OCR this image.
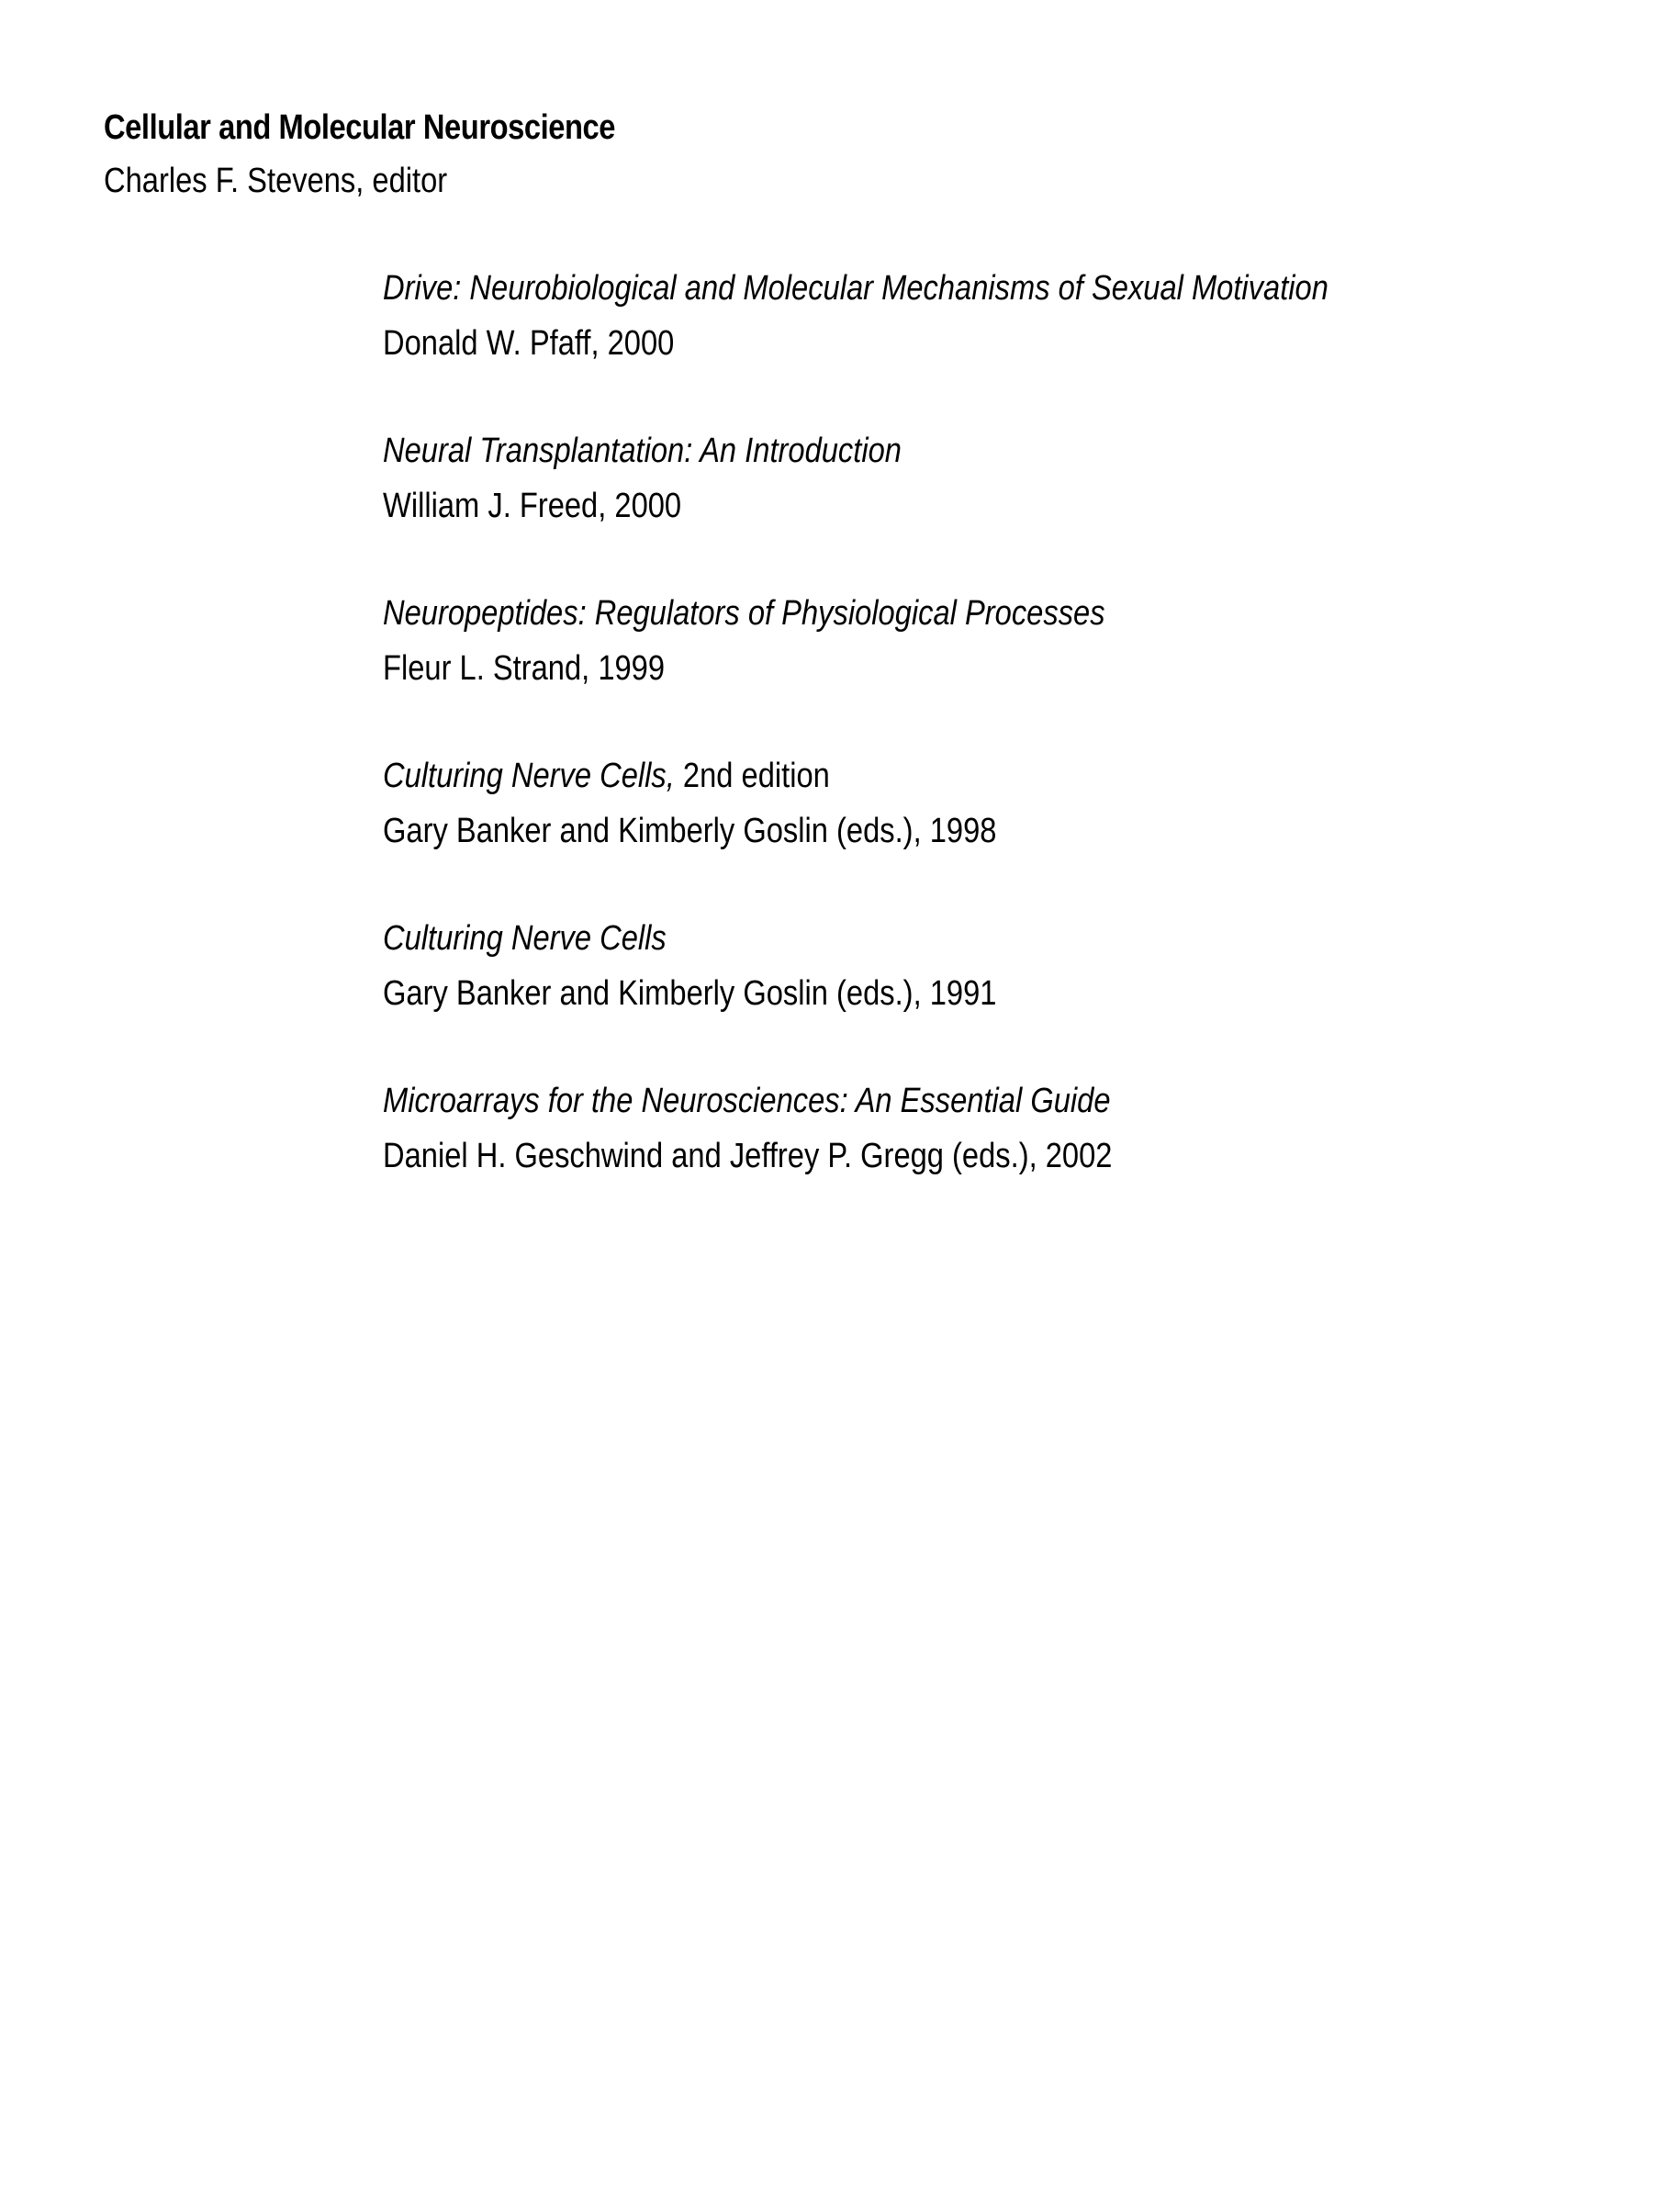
Cellular and Molecular Neuroscience
Charles F. Stevens, editor
Drive: Neurobiological and Molecular Mechanisms of Sexual Motivation
Donald W. Pfaff, 2000
Neural Transplantation: An Introduction
William J. Freed, 2000
Neuropeptides: Regulators of Physiological Processes
Fleur L. Strand, 1999
Culturing Nerve Cells, 2nd edition
Gary Banker and Kimberly Goslin (eds.), 1998
Culturing Nerve Cells
Gary Banker and Kimberly Goslin (eds.), 1991
Microarrays for the Neurosciences: An Essential Guide
Daniel H. Geschwind and Jeffrey P. Gregg (eds.), 2002
